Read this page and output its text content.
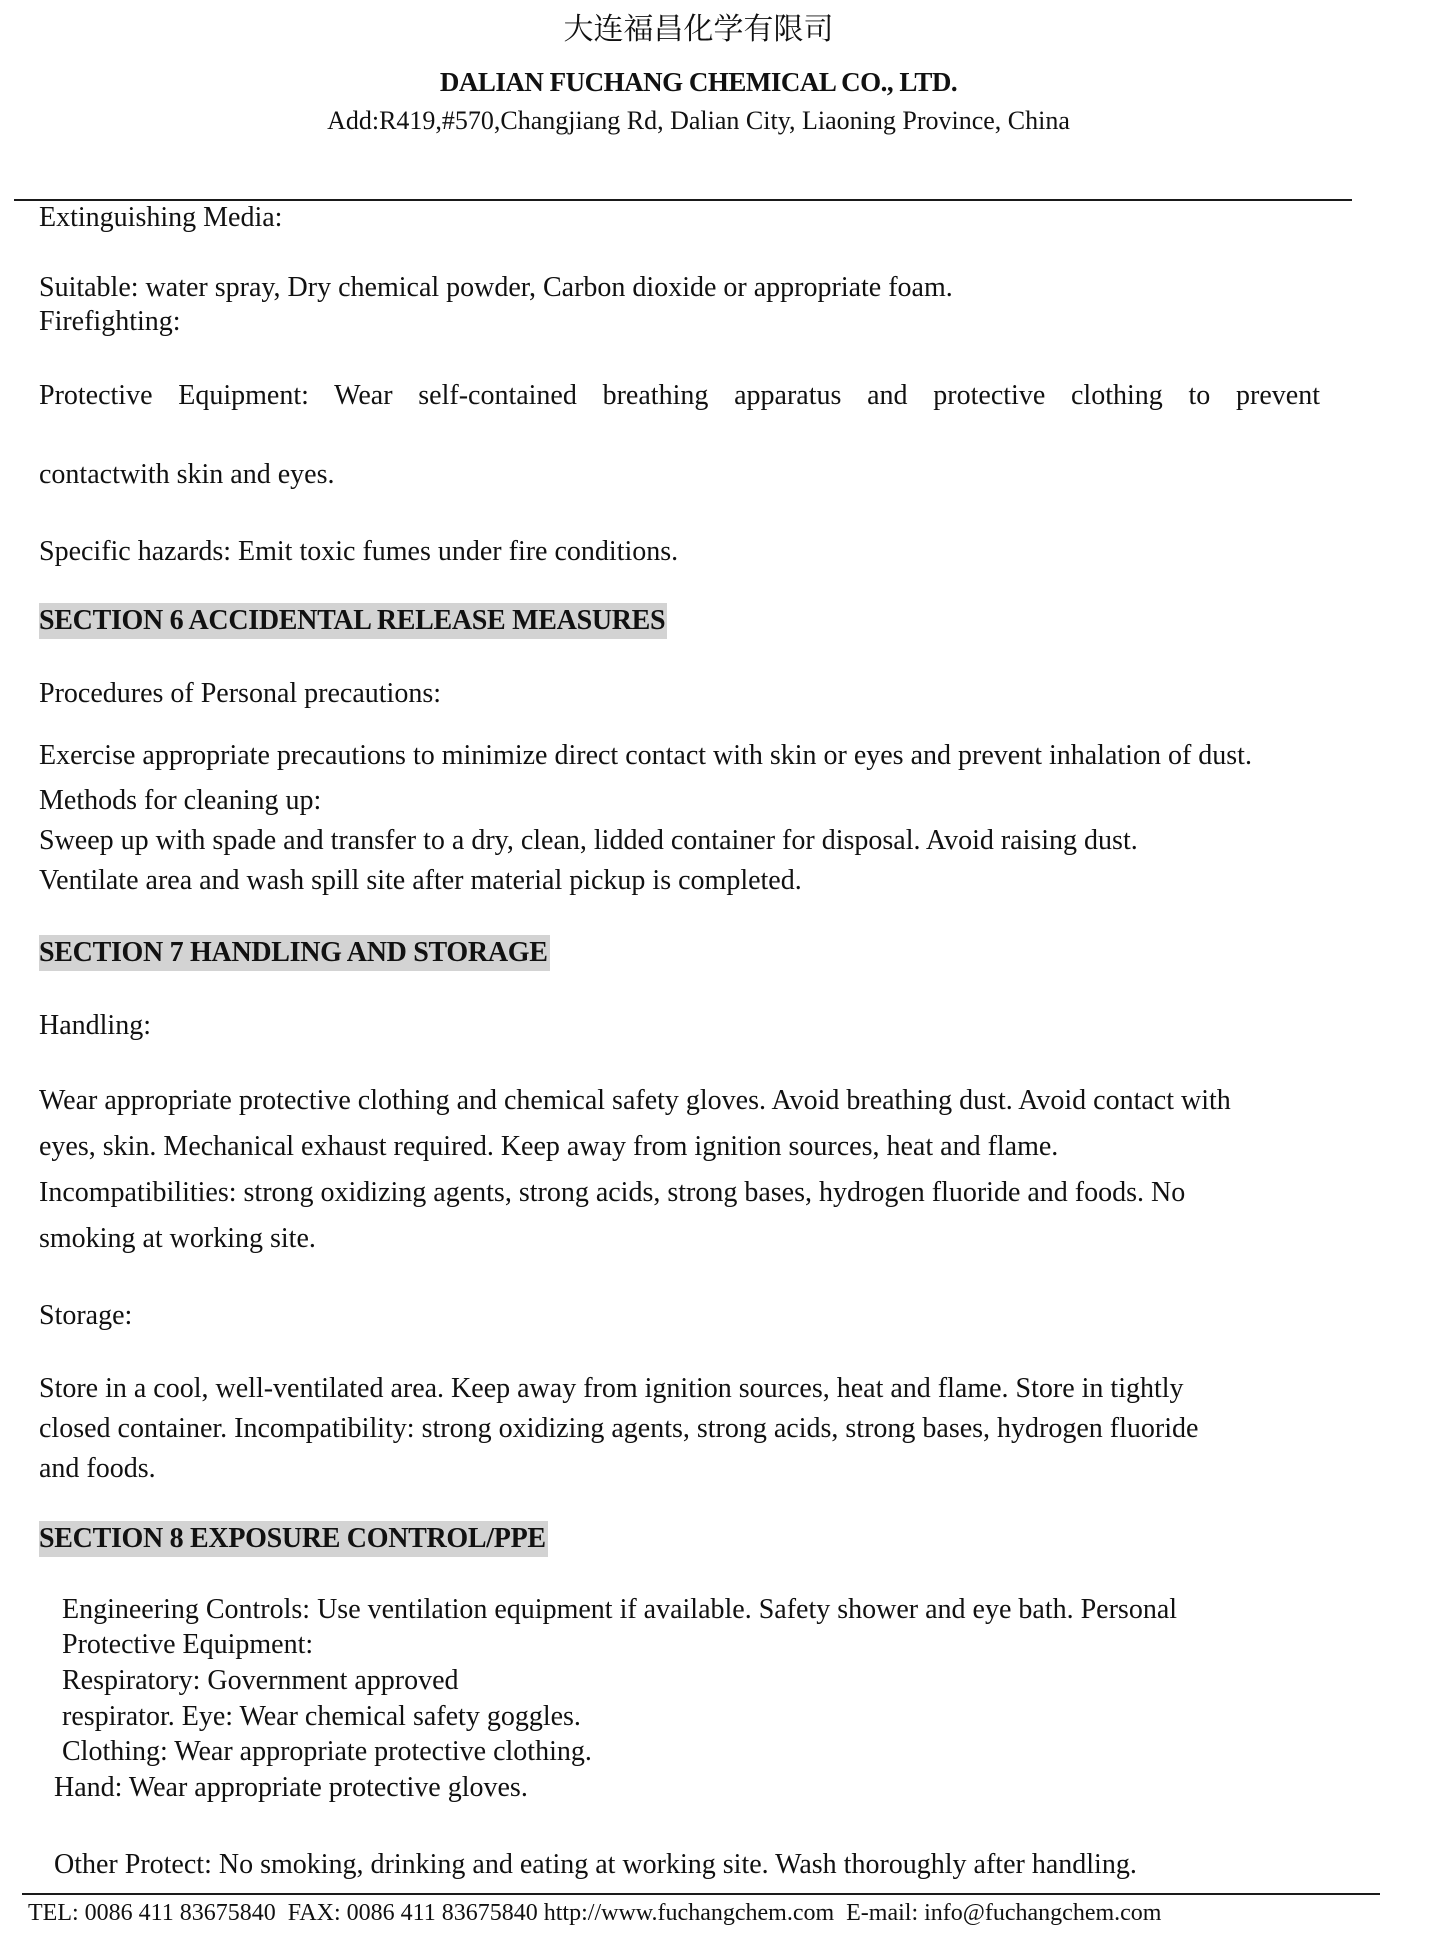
大连福昌化学有限司
DALIAN FUCHANG CHEMICAL CO., LTD.
Add:R419,#570,Changjiang Rd, Dalian City, Liaoning Province, China
Extinguishing Media:
Suitable: water spray, Dry chemical powder, Carbon dioxide or appropriate foam.
Firefighting:
Protective Equipment: Wear self-contained breathing apparatus and protective clothing to prevent
contactwith skin and eyes.
Specific hazards: Emit toxic fumes under fire conditions.
SECTION 6 ACCIDENTAL RELEASE MEASURES
Procedures of Personal precautions:
Exercise appropriate precautions to minimize direct contact with skin or eyes and prevent inhalation of dust.
Methods for cleaning up:
Sweep up with spade and transfer to a dry, clean, lidded container for disposal. Avoid raising dust.
Ventilate area and wash spill site after material pickup is completed.
SECTION 7 HANDLING AND STORAGE
Handling:
Wear appropriate protective clothing and chemical safety gloves. Avoid breathing dust. Avoid contact with
eyes, skin. Mechanical exhaust required. Keep away from ignition sources, heat and flame.
Incompatibilities: strong oxidizing agents, strong acids, strong bases, hydrogen fluoride and foods. No
smoking at working site.
Storage:
Store in a cool, well-ventilated area. Keep away from ignition sources, heat and flame. Store in tightly
closed container. Incompatibility: strong oxidizing agents, strong acids, strong bases, hydrogen fluoride
and foods.
SECTION 8 EXPOSURE CONTROL/PPE
Engineering Controls: Use ventilation equipment if available. Safety shower and eye bath. Personal
Protective Equipment:
Respiratory: Government approved
respirator. Eye: Wear chemical safety goggles.
Clothing: Wear appropriate protective clothing.
Hand: Wear appropriate protective gloves.
Other Protect: No smoking, drinking and eating at working site. Wash thoroughly after handling.
TEL: 0086 411 83675840  FAX: 0086 411 83675840 http://www.fuchangchem.com  E-mail: info@fuchangchem.com
